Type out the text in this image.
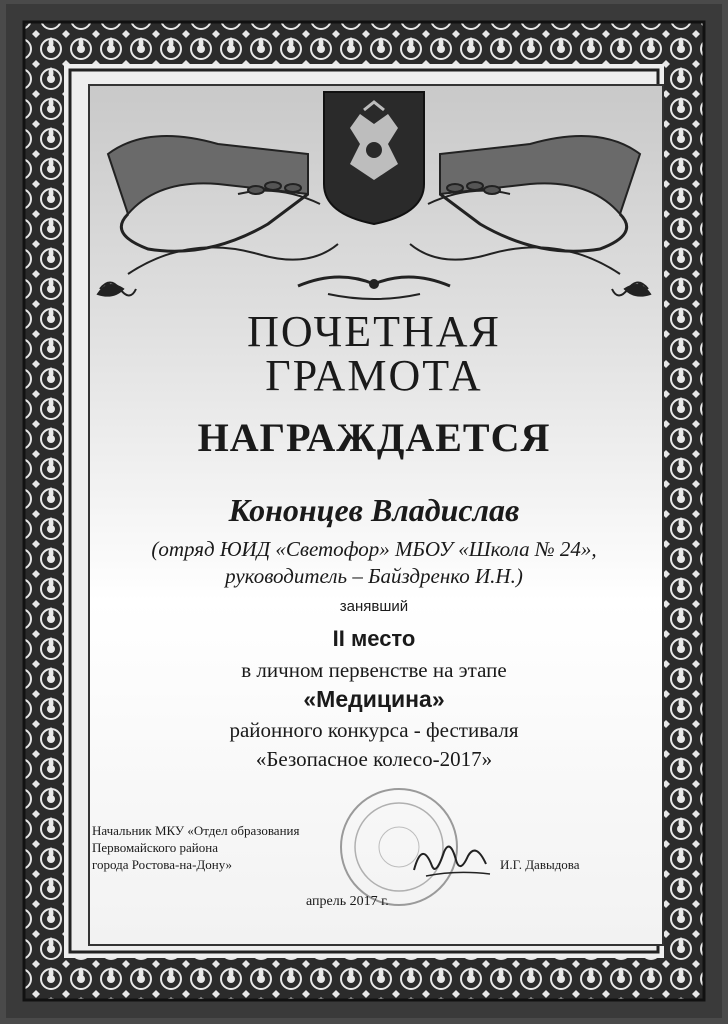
ПОЧЕТНАЯ
ГРАМОТА
НАГРАЖДАЕТСЯ
Кононцев Владислав
(отряд ЮИД «Светофор» МБОУ «Школа № 24»,
руководитель – Байздренко И.Н.)
занявший
II место
в личном первенстве на этапе
«Медицина»
районного конкурса - фестиваля
«Безопасное колесо-2017»
Начальник МКУ «Отдел образования
Первомайского района
города Ростова-на-Дону»	И.Г. Давыдова
апрель 2017 г.
